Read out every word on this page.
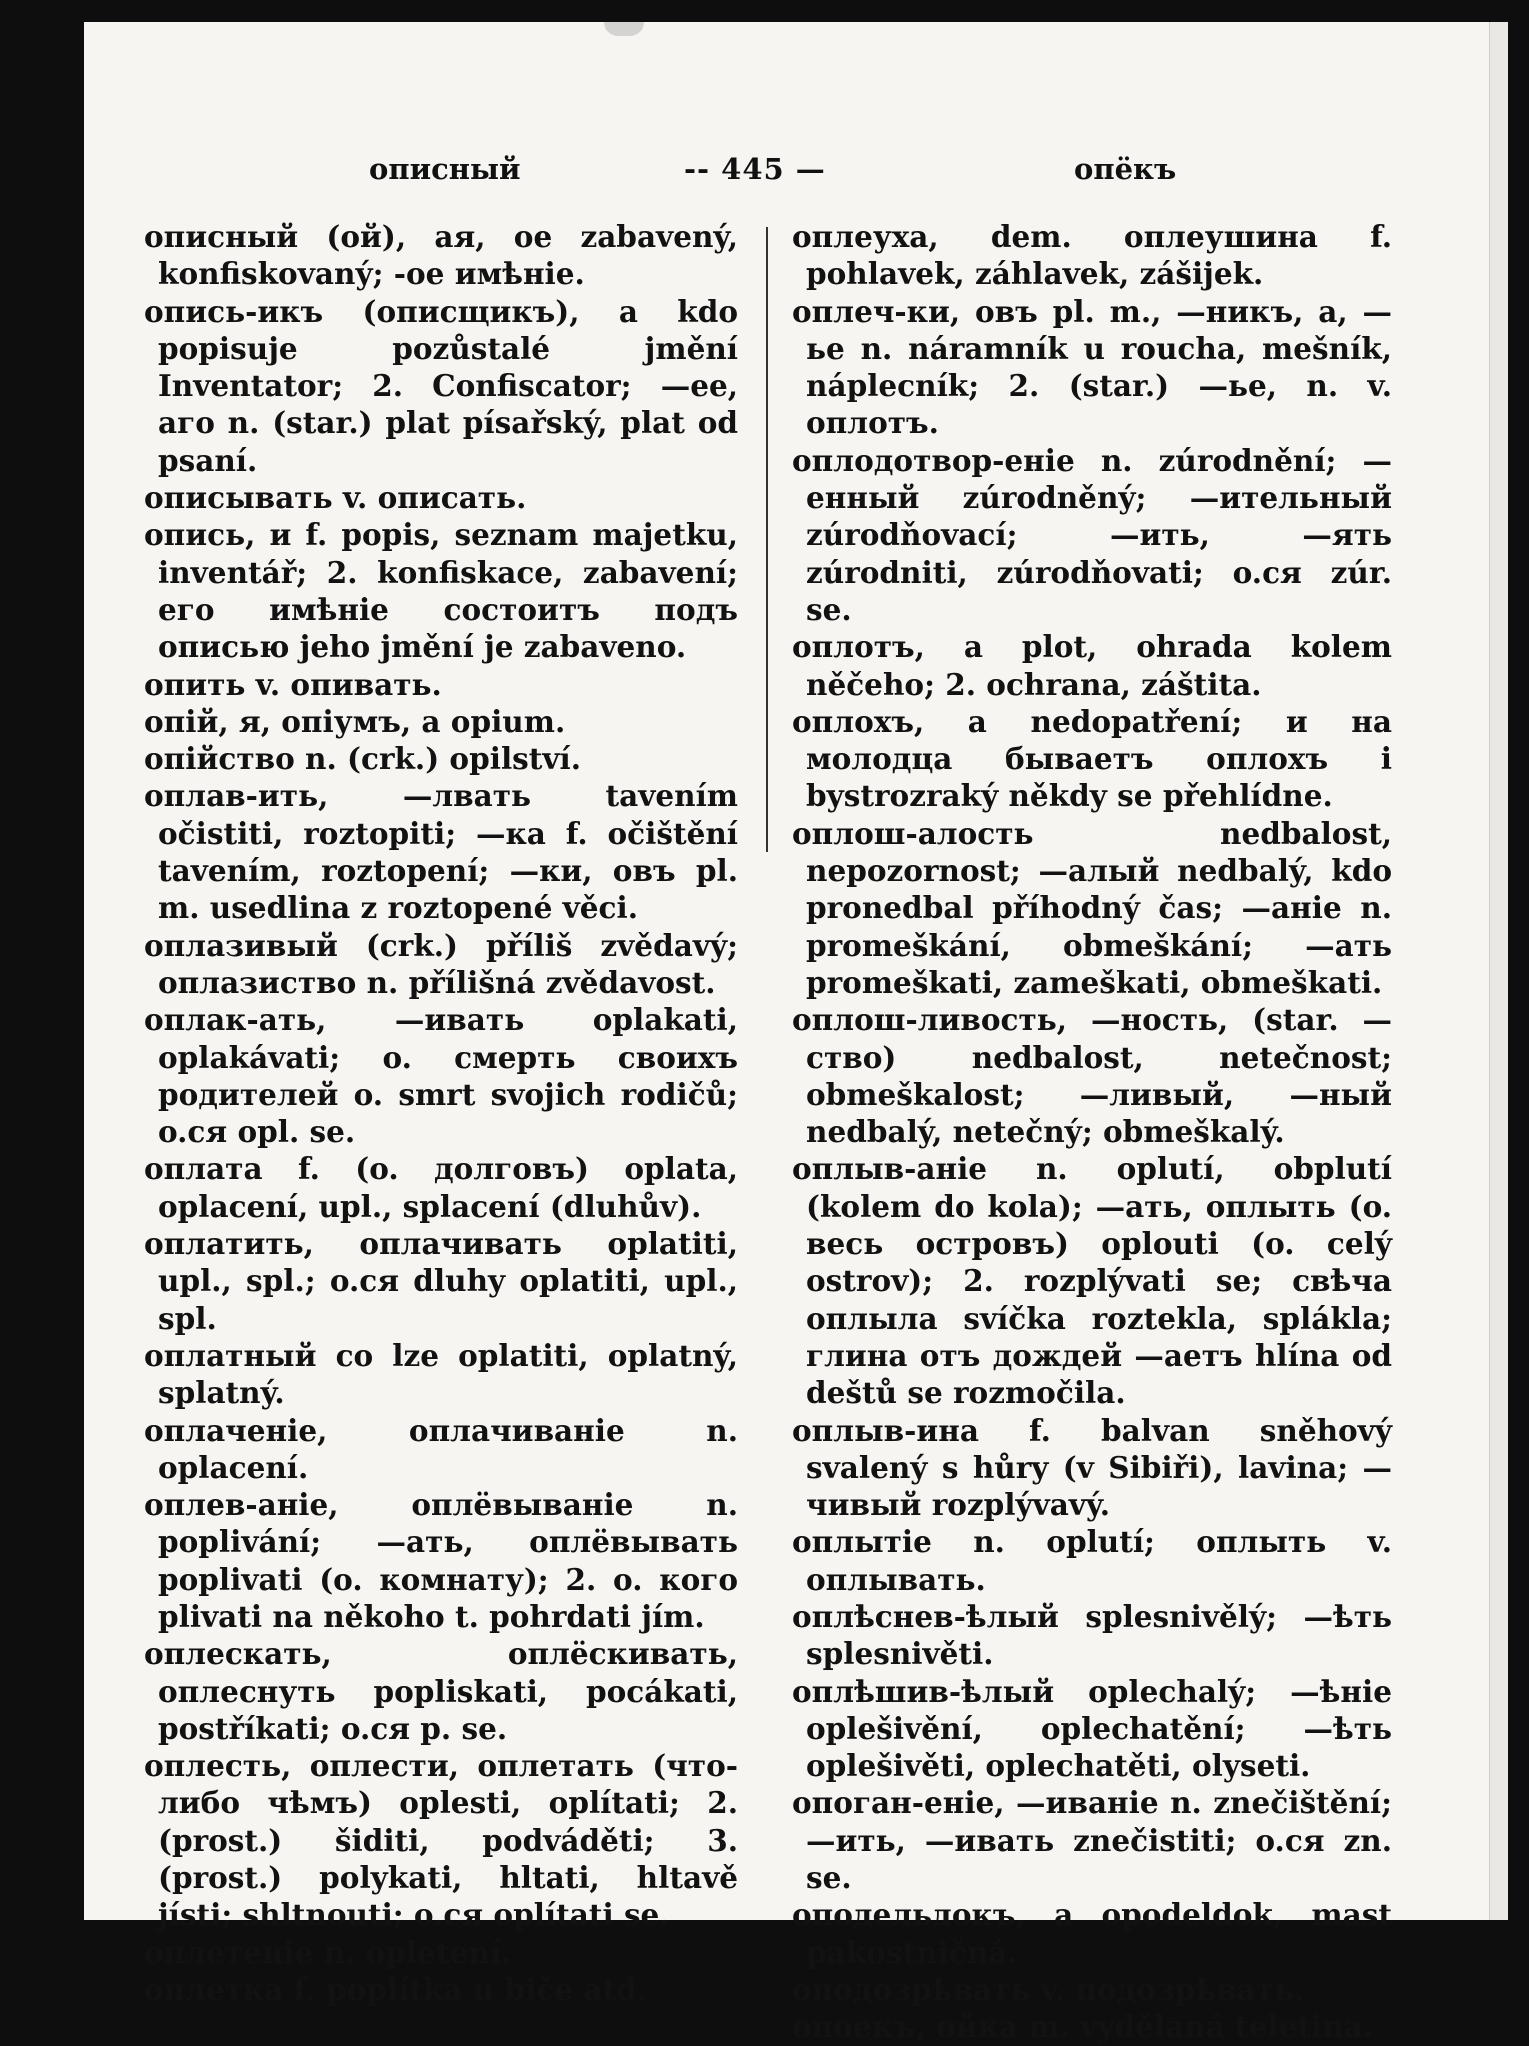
описный	-- 445 —	опёкъ

описный (ой), ая, ое zabavený, konfiskovaný; -ое имѣніе.

опись-икъ (описщикъ), a kdo popisuje pozůstalé jmění Inventator; 2. Confiscator; —ее, аго n. (star.) plat písařský, plat od psaní.

описывать v. описать.

опись, и f. popis, seznam majetku, inventář; 2. konfiskace, zabavení; его имѣніе состоитъ подъ описью jeho jmění je zabaveno.

опить v. опивать.

опій, я, опіумъ, а opium.

опійство n. (crk.) opilství.

оплав-ить, —лвать tavením očistiti, roztopiti; —ка f. očištění tavením, roztopení; —ки, овъ pl. m. usedlina z roztopené věci.

оплазивый (crk.) příliš zvědavý; оплазиство n. přílišná zvědavost.

оплак-ать, —ивать oplakati, oplakávati; o. смерть своихъ родителей o. smrt svojich rodičů; o.ся opl. se.

оплата f. (o. долговъ) oplata, oplacení, upl., splacení (dluhův).

оплатить, оплачивать oplatiti, upl., spl.; o.ся dluhy oplatiti, upl., spl.

оплатный co lze oplatiti, oplatný, splatný.

оплаченіе, оплачиваніе n. oplacení.

оплев-аніе, оплёвываніе n. poplivání; —ать, оплёвывать poplivati (o. комнату); 2. o. кого plivati na někoho t. pohrdati jím.

оплескать, оплёскивать, оплеснуть popliskati, pocákati, postříkati; o.ся p. se.

оплесть, оплести, оплетать (что-либо чѣмъ) oplesti, oplítati; 2. (prost.) šiditi, podváděti; 3. (prost.) polykati, hltati, hltavě jísti; shltnouti; o.ся oplítati se.

оплетеніе n. opletení.

оплетка f. poplítka u biče atd.

оплеуха, dem. оплеушина f. pohlavek, záhlavek, zášijek.

оплеч-ки, овъ pl. m., —никъ, а, —ье n. náramník u roucha, mešník, náplecník; 2. (star.) —ье, n. v. оплотъ.

оплодотвор-еніе n. zúrodnění; —енный zúrodněný; —ительный zúrodňovací; —ить, —ять zúrodniti, zúrodňovati; o.ся zúr. se.

оплотъ, a plot, ohrada kolem něčeho; 2. ochrana, záštita.

оплохъ, a nedopatření; и на молодца бываетъ оплохъ i bystrozraký někdy se přehlídne.

оплош-алость nedbalost, nepozornost; —алый nedbalý, kdo pronedbal příhodný čas; —аніе n. promeškání, obmeškání; —ать promeškati, zameškati, obmeškati.

оплош-ливость, —ность, (star. —ство) nedbalost, netečnost; obmeškalost; —ливый, —ный nedbalý, netečný; obmeškalý.

оплыв-аніе n. oplutí, obplutí (kolem do kola); —ать, оплыть (o. весь островъ) oplouti (o. celý ostrov); 2. rozplývati se; свѣча оплыла svíčka roztekla, splákla; глина отъ дождей —аетъ hlína od deštů se rozmočila.

оплыв-ина f. balvan sněhový svalený s hůry (v Sibiři), lavina; —чивый rozplývavý.

оплытіе n. oplutí; оплыть v. оплывать.

оплѣснев-ѣлый splesnivělý; —ѣть splesnivěti.

оплѣшив-ѣлый oplechalý; —ѣніе oplešivění, oplechatění; —ѣть oplešivěti, oplechatěti, olyseti.

опоган-еніе, —иваніе n. znečištění; —ить, —ивать znečistiti; o.ся zn. se.

оподельдокъ, а opodeldok, mast pakostničná.

оподозрѣвать v. подозрѣвать.

опоекъ, ойка m. vydělaná teletina.
